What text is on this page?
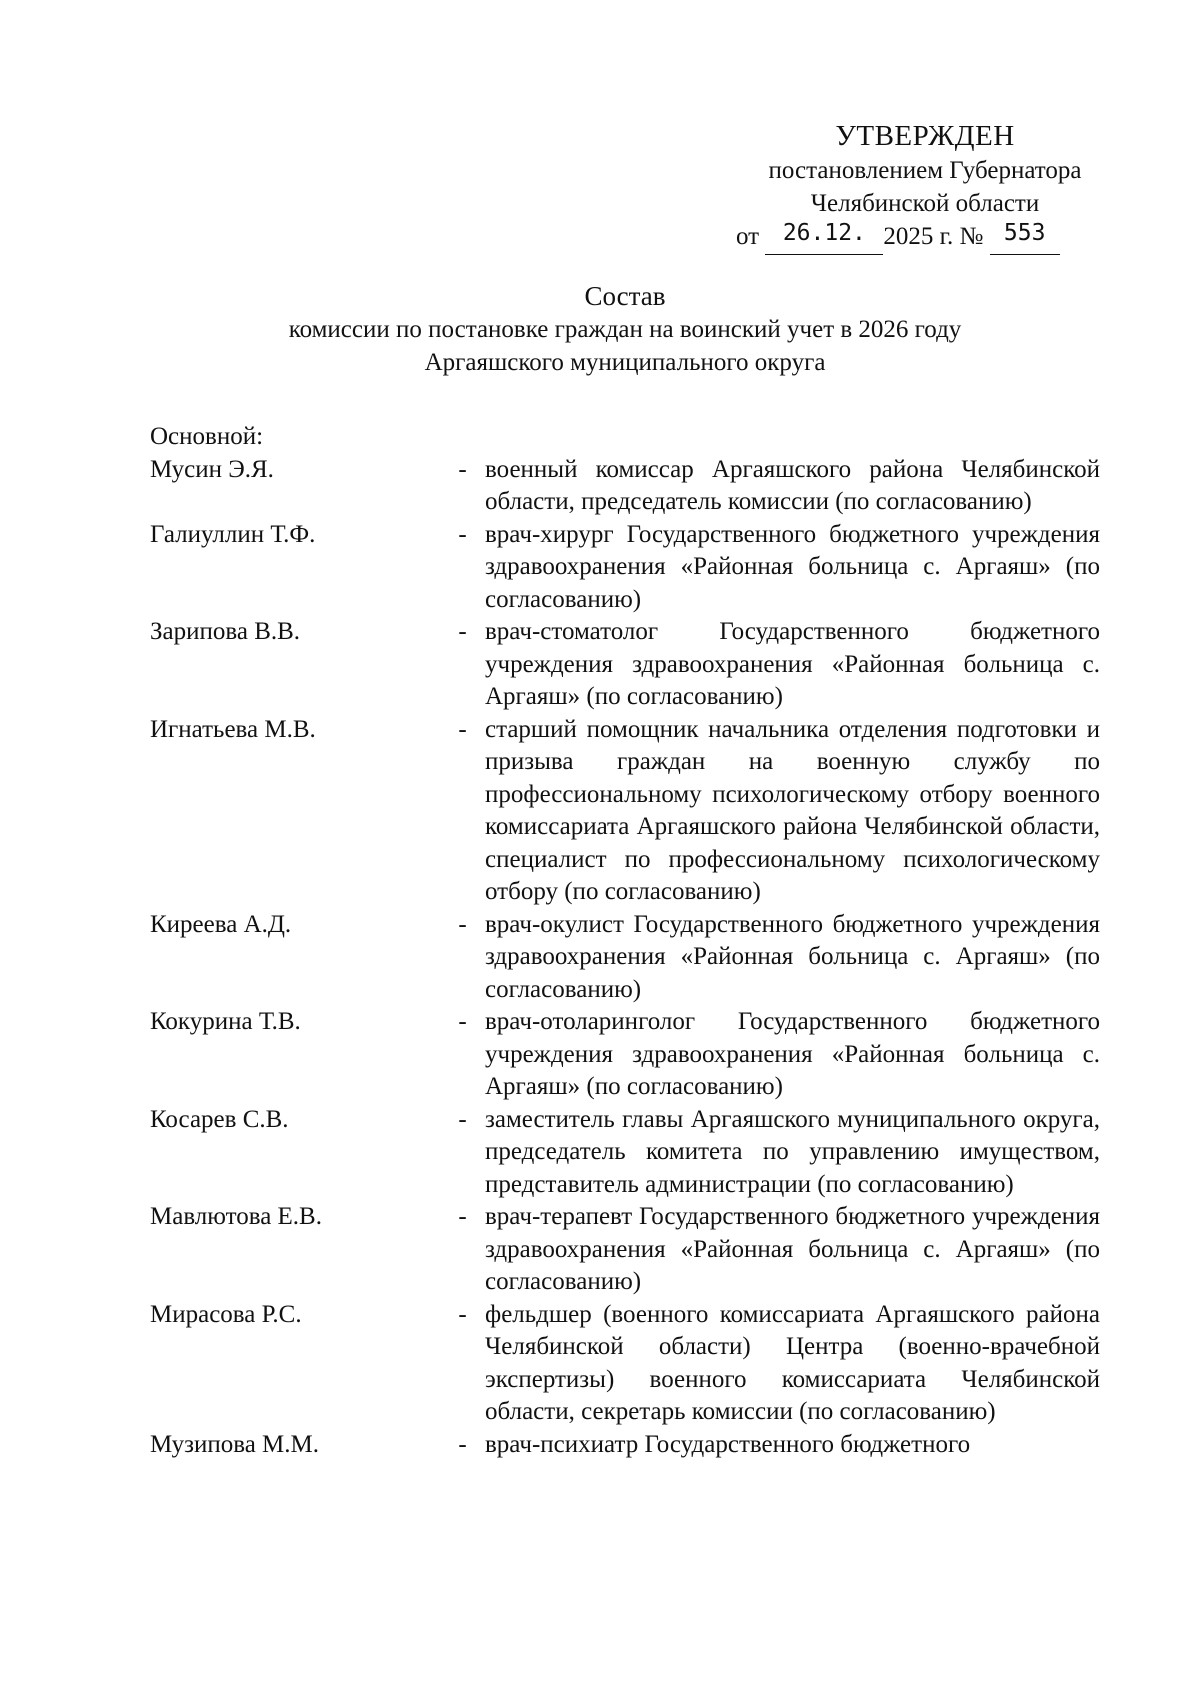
УТВЕРЖДЕН
постановлением Губернатора
Челябинской области
от 26.12. 2025 г. № 553
Состав
комиссии по постановке граждан на воинский учет в 2026 году
Аргаяшского муниципального округа
Основной:
Мусин Э.Я.	- военный комиссар Аргаяшского района Челябинской области, председатель комиссии (по согласованию)
Галиуллин Т.Ф.	- врач-хирург Государственного бюджетного учреждения здравоохранения «Районная больница с. Аргаяш» (по согласованию)
Зарипова В.В.	- врач-стоматолог Государственного бюджетного учреждения здравоохранения «Районная больница с. Аргаяш» (по согласованию)
Игнатьева М.В.	- старший помощник начальника отделения подготовки и призыва граждан на военную службу по профессиональному психологическому отбору военного комиссариата Аргаяшского района Челябинской области, специалист по профессиональному психологическому отбору (по согласованию)
Киреева А.Д.	- врач-окулист Государственного бюджетного учреждения здравоохранения «Районная больница с. Аргаяш» (по согласованию)
Кокурина Т.В.	- врач-отоларинголог Государственного бюджетного учреждения здравоохранения «Районная больница с. Аргаяш» (по согласованию)
Косарев С.В.	- заместитель главы Аргаяшского муниципального округа, председатель комитета по управлению имуществом, представитель администрации (по согласованию)
Мавлютова Е.В.	- врач-терапевт Государственного бюджетного учреждения здравоохранения «Районная больница с. Аргаяш» (по согласованию)
Мирасова Р.С.	- фельдшер (военного комиссариата Аргаяшского района Челябинской области) Центра (военно-врачебной экспертизы) военного комиссариата Челябинской области, секретарь комиссии (по согласованию)
Музипова М.М.	- врач-психиатр Государственного бюджетного
